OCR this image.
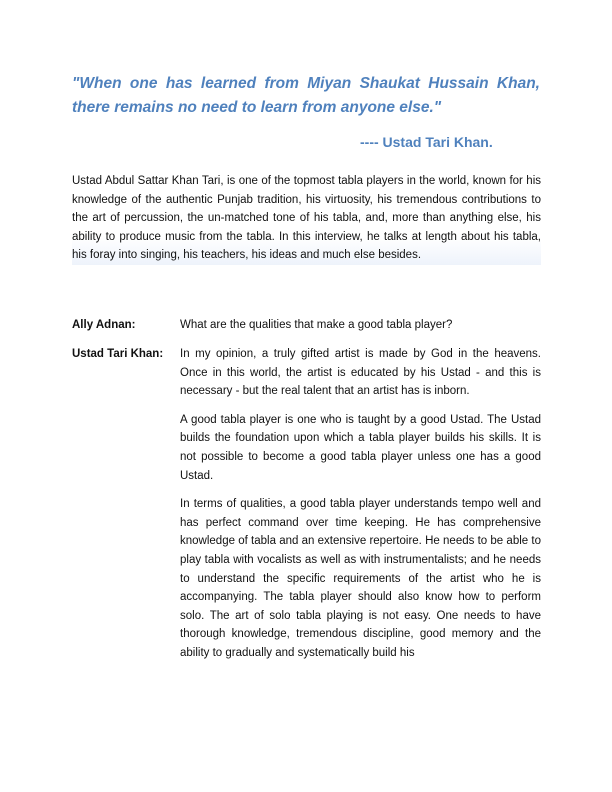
"When one has learned from Miyan Shaukat Hussain Khan, there remains no need to learn from anyone else."
---- Ustad Tari Khan.
Ustad Abdul Sattar Khan Tari, is one of the topmost tabla players in the world, known for his knowledge of the authentic Punjab tradition, his virtuosity, his tremendous contributions to the art of percussion, the un-matched tone of his tabla, and, more than anything else, his ability to produce music from the tabla. In this interview, he talks at length about his tabla, his foray into singing, his teachers, his ideas and much else besides.
Ally Adnan:	What are the qualities that make a good tabla player?
Ustad Tari Khan:	In my opinion, a truly gifted artist is made by God in the heavens. Once in this world, the artist is educated by his Ustad - and this is necessary - but the real talent that an artist has is inborn.

A good tabla player is one who is taught by a good Ustad. The Ustad builds the foundation upon which a tabla player builds his skills. It is not possible to become a good tabla player unless one has a good Ustad.

In terms of qualities, a good tabla player understands tempo well and has perfect command over time keeping. He has comprehensive knowledge of tabla and an extensive repertoire. He needs to be able to play tabla with vocalists as well as with instrumentalists; and he needs to understand the specific requirements of the artist who he is accompanying. The tabla player should also know how to perform solo. The art of solo tabla playing is not easy. One needs to have thorough knowledge, tremendous discipline, good memory and the ability to gradually and systematically build his
